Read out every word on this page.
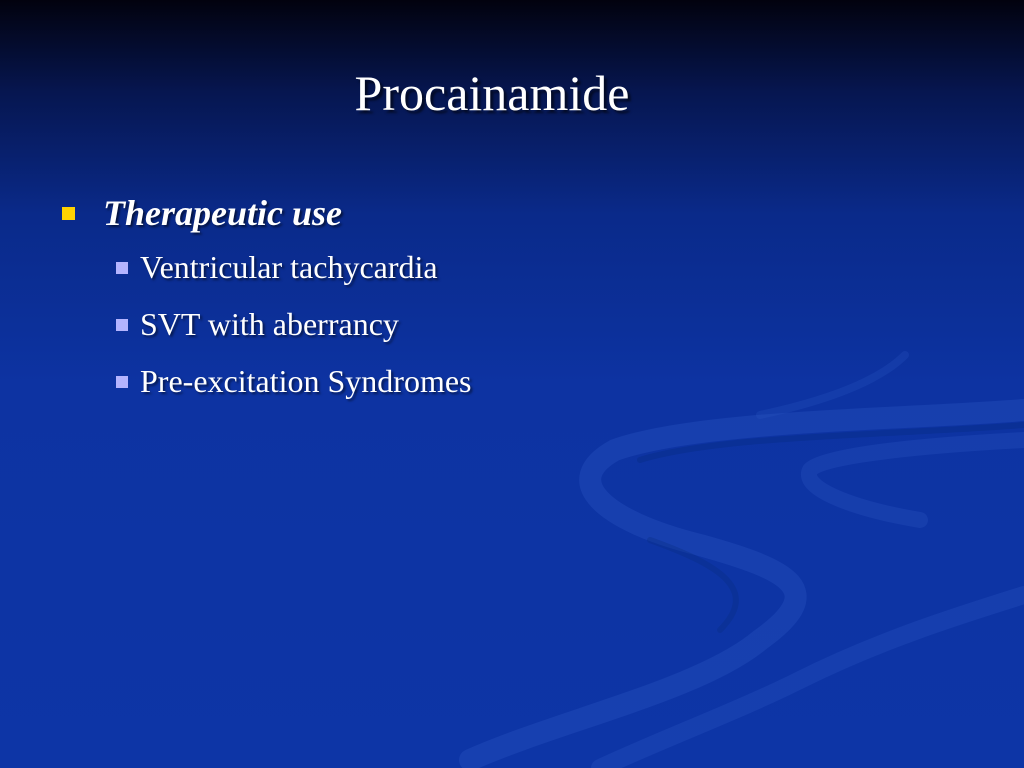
Procainamide
Therapeutic use
Ventricular tachycardia
SVT with aberrancy
Pre-excitation Syndromes
